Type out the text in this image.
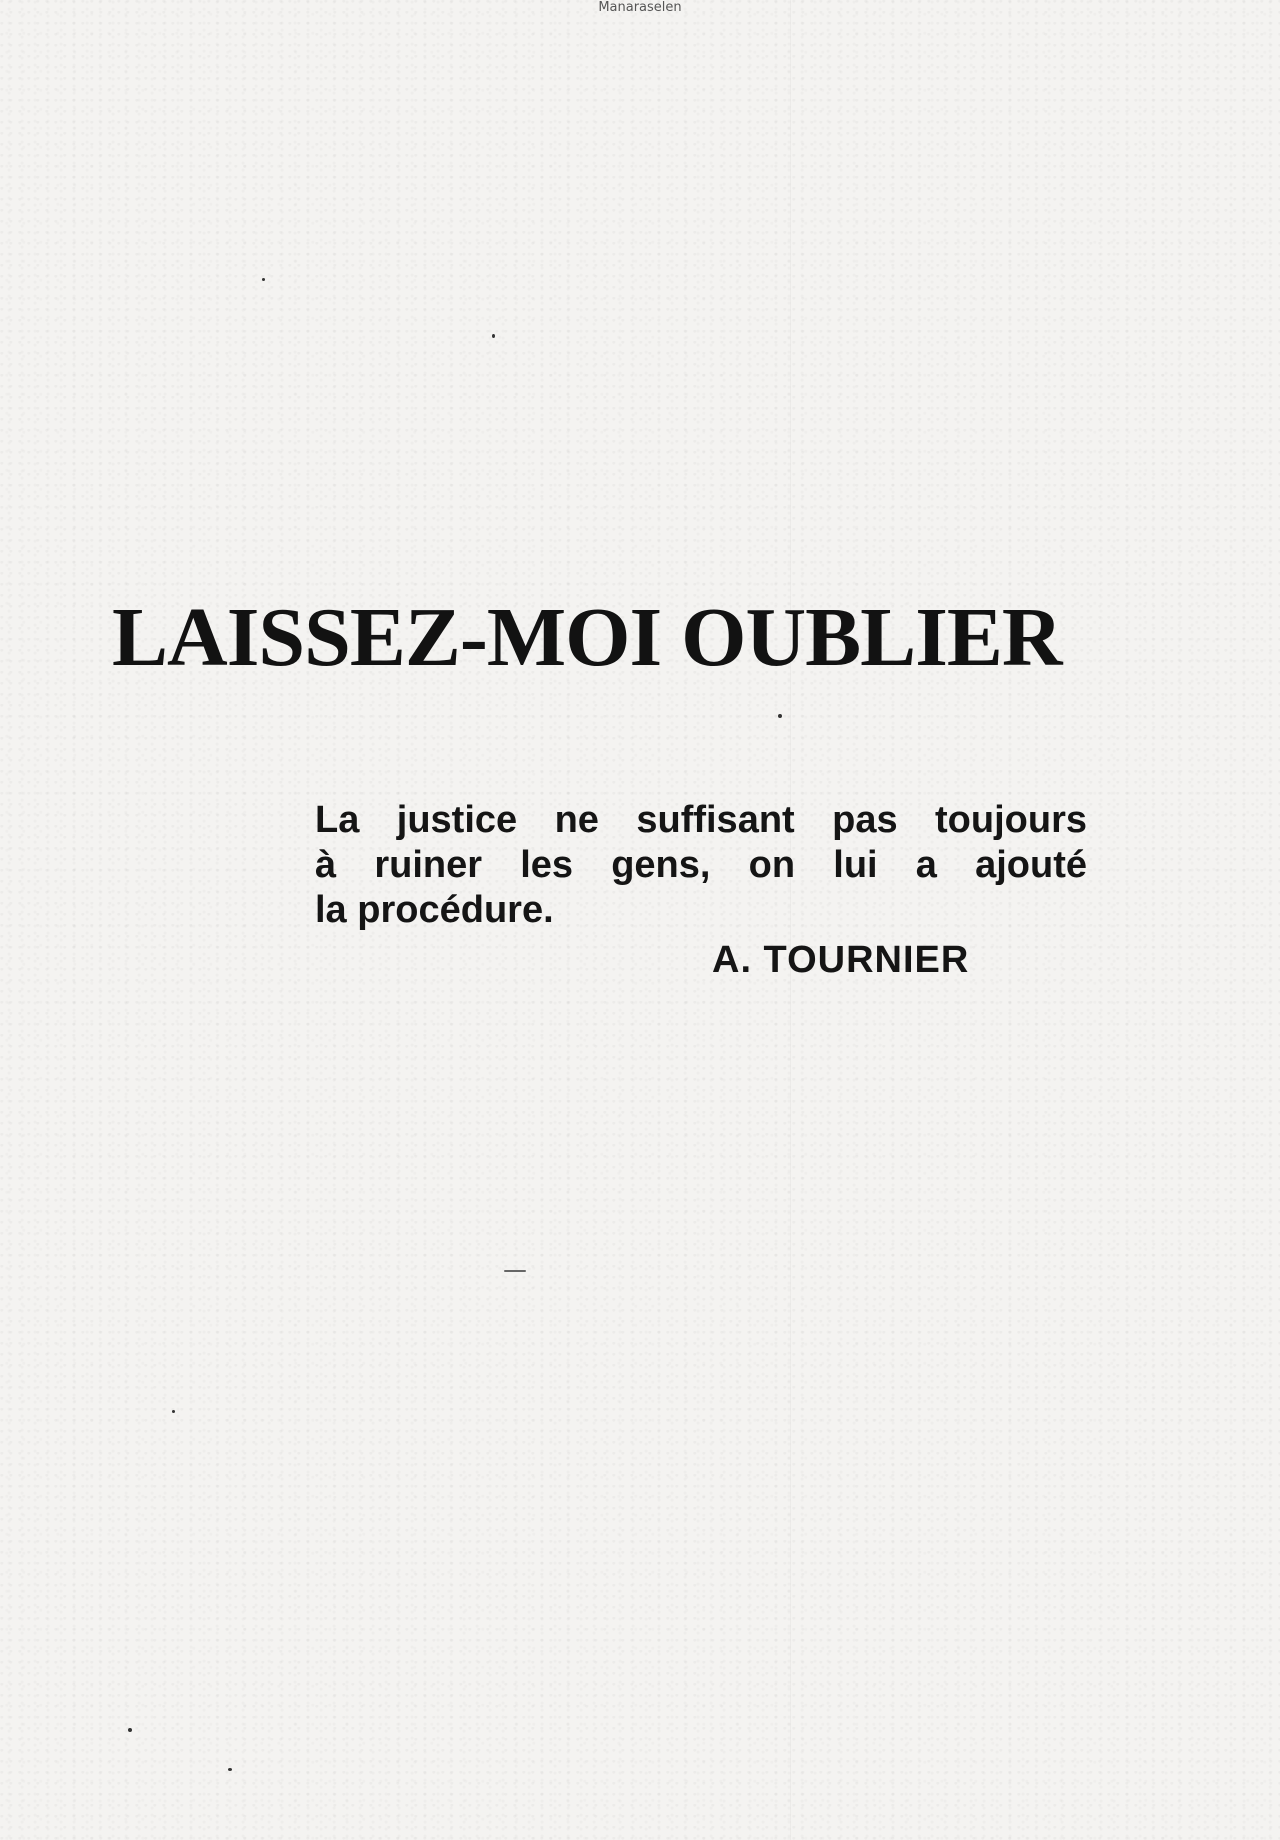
Manaraselen
LAISSEZ-MOI OUBLIER

La justice ne suffisant pas toujours
à ruiner les gens, on lui a ajouté
la procédure.

A. TOURNIER
